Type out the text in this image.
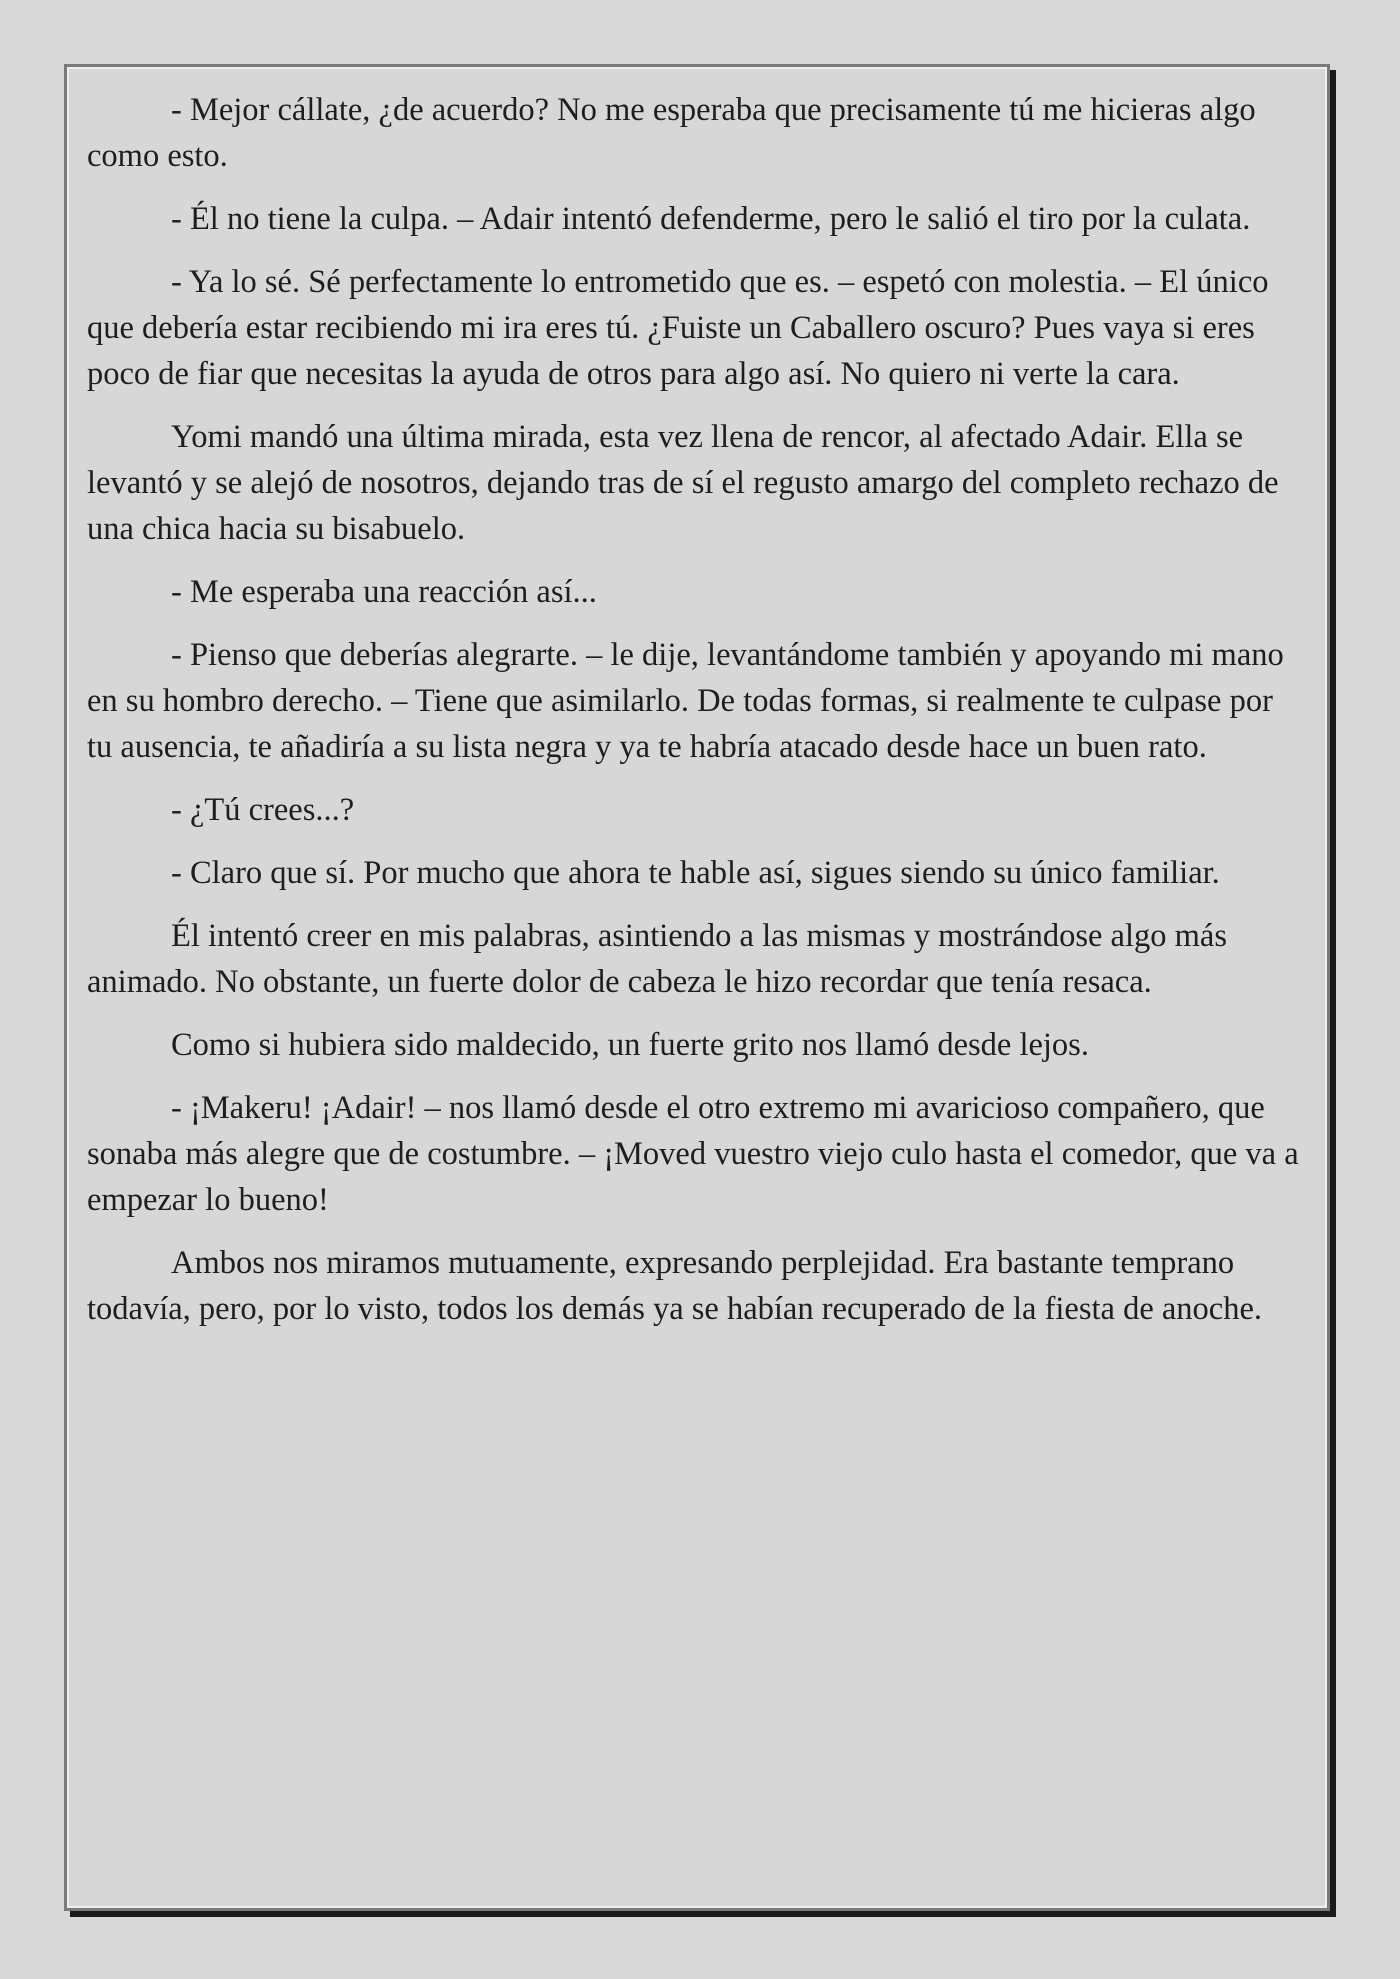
- Mejor cállate, ¿de acuerdo? No me esperaba que precisamente tú me hicieras algo como esto.

- Él no tiene la culpa. – Adair intentó defenderme, pero le salió el tiro por la culata.

- Ya lo sé. Sé perfectamente lo entrometido que es. – espetó con molestia. – El único que debería estar recibiendo mi ira eres tú. ¿Fuiste un Caballero oscuro? Pues vaya si eres poco de fiar que necesitas la ayuda de otros para algo así. No quiero ni verte la cara.

Yomi mandó una última mirada, esta vez llena de rencor, al afectado Adair. Ella se levantó y se alejó de nosotros, dejando tras de sí el regusto amargo del completo rechazo de una chica hacia su bisabuelo.

- Me esperaba una reacción así...

- Pienso que deberías alegrarte. – le dije, levantándome también y apoyando mi mano en su hombro derecho. – Tiene que asimilarlo. De todas formas, si realmente te culpase por tu ausencia, te añadiría a su lista negra y ya te habría atacado desde hace un buen rato.

- ¿Tú crees...?

- Claro que sí. Por mucho que ahora te hable así, sigues siendo su único familiar.

Él intentó creer en mis palabras, asintiendo a las mismas y mostrándose algo más animado. No obstante, un fuerte dolor de cabeza le hizo recordar que tenía resaca.

Como si hubiera sido maldecido, un fuerte grito nos llamó desde lejos.

- ¡Makeru! ¡Adair! – nos llamó desde el otro extremo mi avaricioso compañero, que sonaba más alegre que de costumbre. – ¡Moved vuestro viejo culo hasta el comedor, que va a empezar lo bueno!

Ambos nos miramos mutuamente, expresando perplejidad. Era bastante temprano todavía, pero, por lo visto, todos los demás ya se habían recuperado de la fiesta de anoche.
